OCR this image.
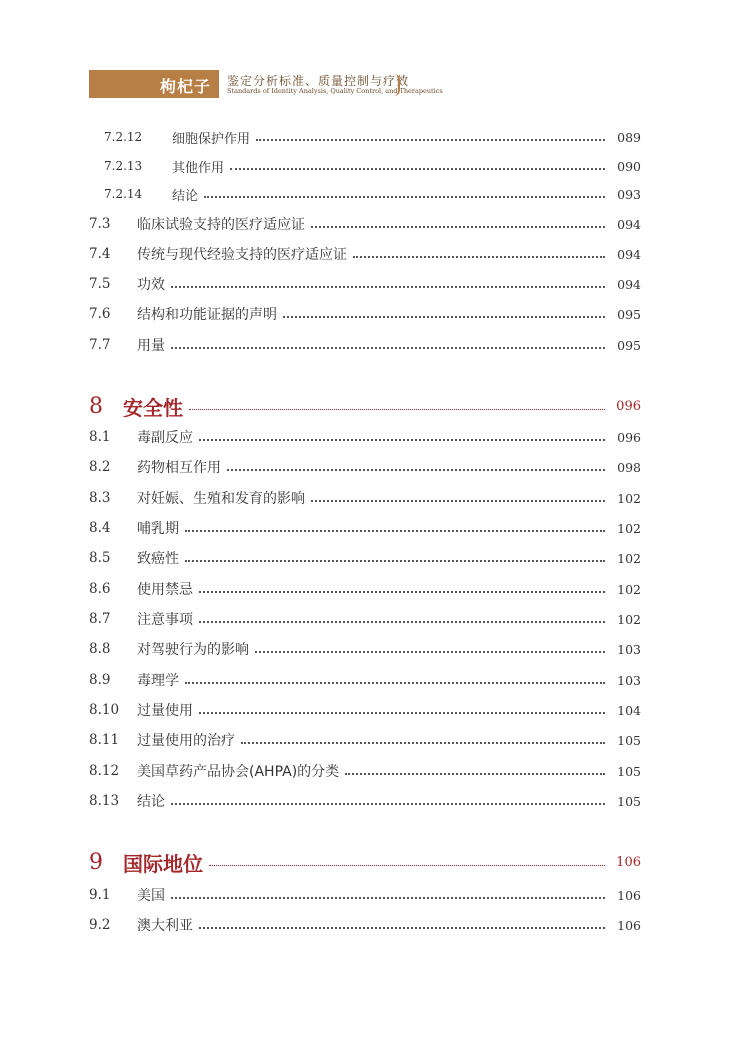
枸杞子 鉴定分析标准、质量控制与疗效
Standards of Identity Analysis, Quality Control, and Therapeutics
7.2.12	细胞保护作用	089
7.2.13	其他作用	090
7.2.14	结论	093
7.3	临床试验支持的医疗适应证	094
7.4	传统与现代经验支持的医疗适应证	094
7.5	功效	094
7.6	结构和功能证据的声明	095
7.7	用量	095
8	安全性	096
8.1	毒副反应	096
8.2	药物相互作用	098
8.3	对妊娠、生殖和发育的影响	102
8.4	哺乳期	102
8.5	致癌性	102
8.6	使用禁忌	102
8.7	注意事项	102
8.8	对驾驶行为的影响	103
8.9	毒理学	103
8.10	过量使用	104
8.11	过量使用的治疗	105
8.12	美国草药产品协会(AHPA)的分类	105
8.13	结论	105
9	国际地位	106
9.1	美国	106
9.2	澳大利亚	106
